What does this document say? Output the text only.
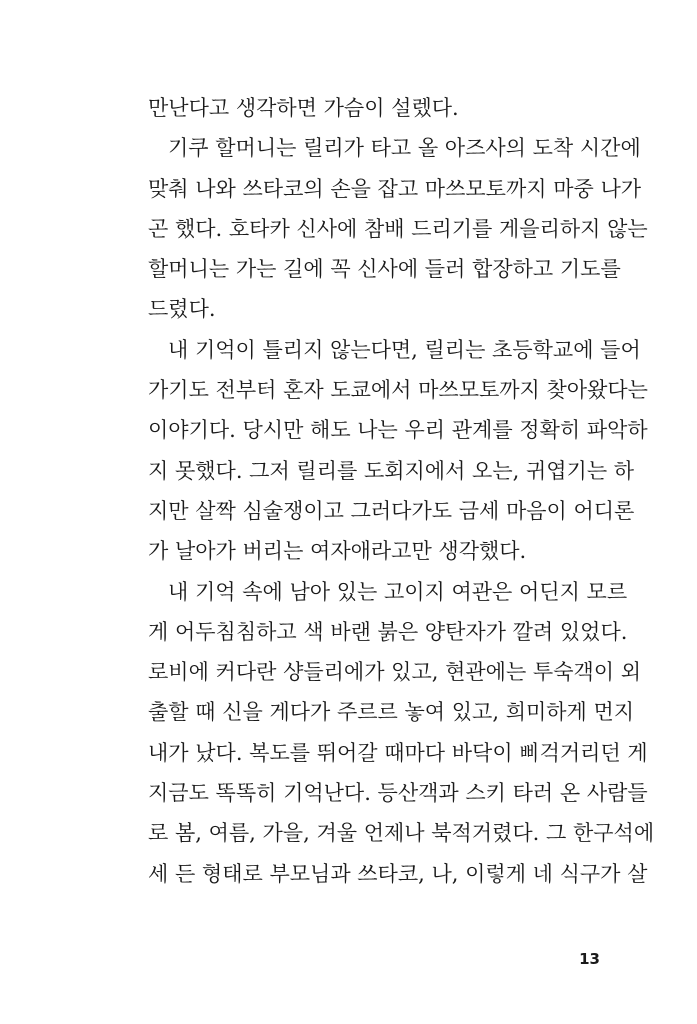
만난다고 생각하면 가슴이 설렜다.
기쿠 할머니는 릴리가 타고 올 아즈사의 도착 시간에
맞춰 나와 쓰타코의 손을 잡고 마쓰모토까지 마중 나가
곤 했다. 호타카 신사에 참배 드리기를 게을리하지 않는
할머니는 가는 길에 꼭 신사에 들러 합장하고 기도를
드렸다.
내 기억이 틀리지 않는다면, 릴리는 초등학교에 들어
가기도 전부터 혼자 도쿄에서 마쓰모토까지 찾아왔다는
이야기다. 당시만 해도 나는 우리 관계를 정확히 파악하
지 못했다. 그저 릴리를 도회지에서 오는, 귀엽기는 하
지만 살짝 심술쟁이고 그러다가도 금세 마음이 어디론
가 날아가 버리는 여자애라고만 생각했다.
내 기억 속에 남아 있는 고이지 여관은 어딘지 모르
게 어두침침하고 색 바랜 붉은 양탄자가 깔려 있었다.
로비에 커다란 샹들리에가 있고, 현관에는 투숙객이 외
출할 때 신을 게다가 주르르 놓여 있고, 희미하게 먼지
내가 났다. 복도를 뛰어갈 때마다 바닥이 삐걱거리던 게
지금도 똑똑히 기억난다. 등산객과 스키 타러 온 사람들
로 봄, 여름, 가을, 겨울 언제나 북적거렸다. 그 한구석에
세 든 형태로 부모님과 쓰타코, 나, 이렇게 네 식구가 살
13
